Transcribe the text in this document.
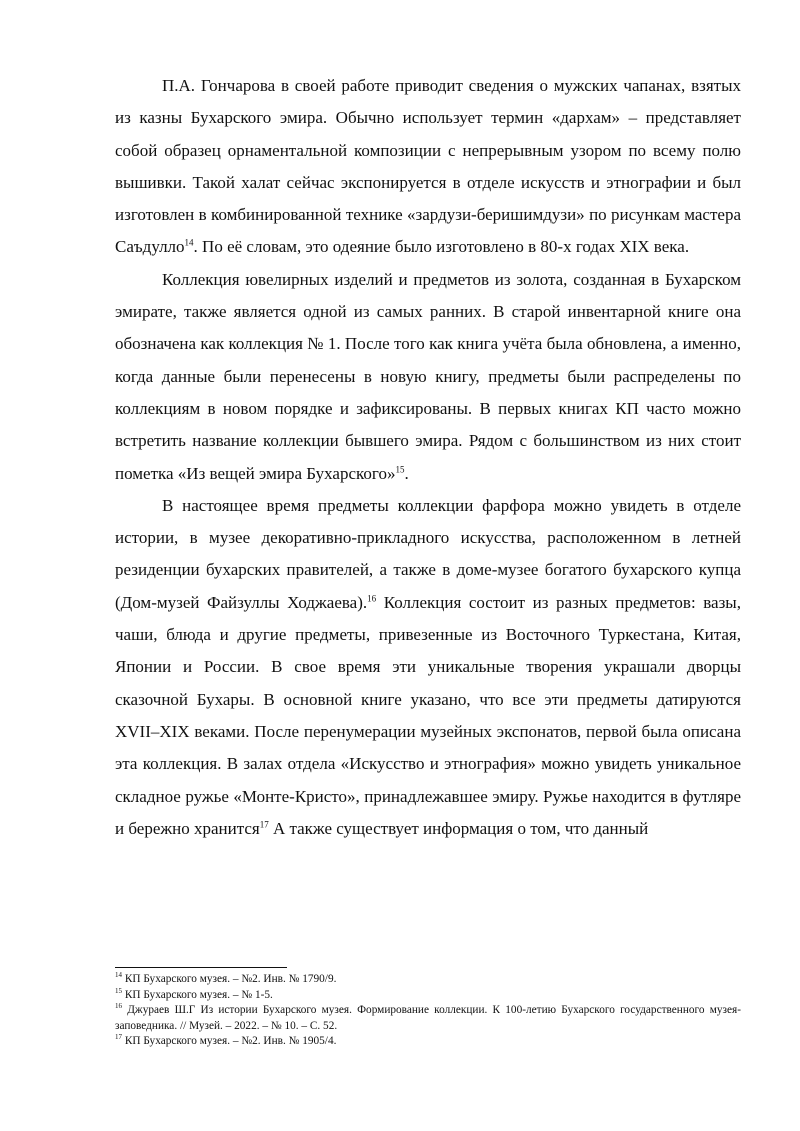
П.А. Гончарова в своей работе приводит сведения о мужских чапанах, взятых из казны Бухарского эмира. Обычно использует термин «дархам» – представляет собой образец орнаментальной композиции с непрерывным узором по всему полю вышивки. Такой халат сейчас экспонируется в отделе искусств и этнографии и был изготовлен в комбинированной технике «зардузи-беришимдузи» по рисункам мастера Саъдулло$^{14}$. По её словам, это одеяние было изготовлено в 80-х годах XIX века.

Коллекция ювелирных изделий и предметов из золота, созданная в Бухарском эмирате, также является одной из самых ранних. В старой инвентарной книге она обозначена как коллекция № 1. После того как книга учёта была обновлена, а именно, когда данные были перенесены в новую книгу, предметы были распределены по коллекциям в новом порядке и зафиксированы. В первых книгах КП часто можно встретить название коллекции бывшего эмира. Рядом с большинством из них стоит пометка «Из вещей эмира Бухарского»$^{15}$.

В настоящее время предметы коллекции фарфора можно увидеть в отделе истории, в музее декоративно-прикладного искусства, расположенном в летней резиденции бухарских правителей, а также в доме-музее богатого бухарского купца (Дом-музей Файзуллы Ходжаева).$^{16}$ Коллекция состоит из разных предметов: вазы, чаши, блюда и другие предметы, привезенные из Восточного Туркестана, Китая, Японии и России. В свое время эти уникальные творения украшали дворцы сказочной Бухары. В основной книге указано, что все эти предметы датируются XVII–XIX веками. После перенумерации музейных экспонатов, первой была описана эта коллекция. В залах отдела «Искусство и этнография» можно увидеть уникальное складное ружье «Монте-Кристо», принадлежавшее эмиру. Ружье находится в футляре и бережно хранится$^{17}$ А также существует информация о том, что данный

$^{14}$ КП Бухарского музея. – №2. Инв. № 1790/9.

$^{15}$ КП Бухарского музея. – № 1-5.

$^{16}$ Джураев Ш.Г Из истории Бухарского музея. Формирование коллекции. К 100-летию Бухарского государственного музея-заповедника. // Музей. – 2022. – № 10. – С. 52.

$^{17}$ КП Бухарского музея. – №2. Инв. № 1905/4.
